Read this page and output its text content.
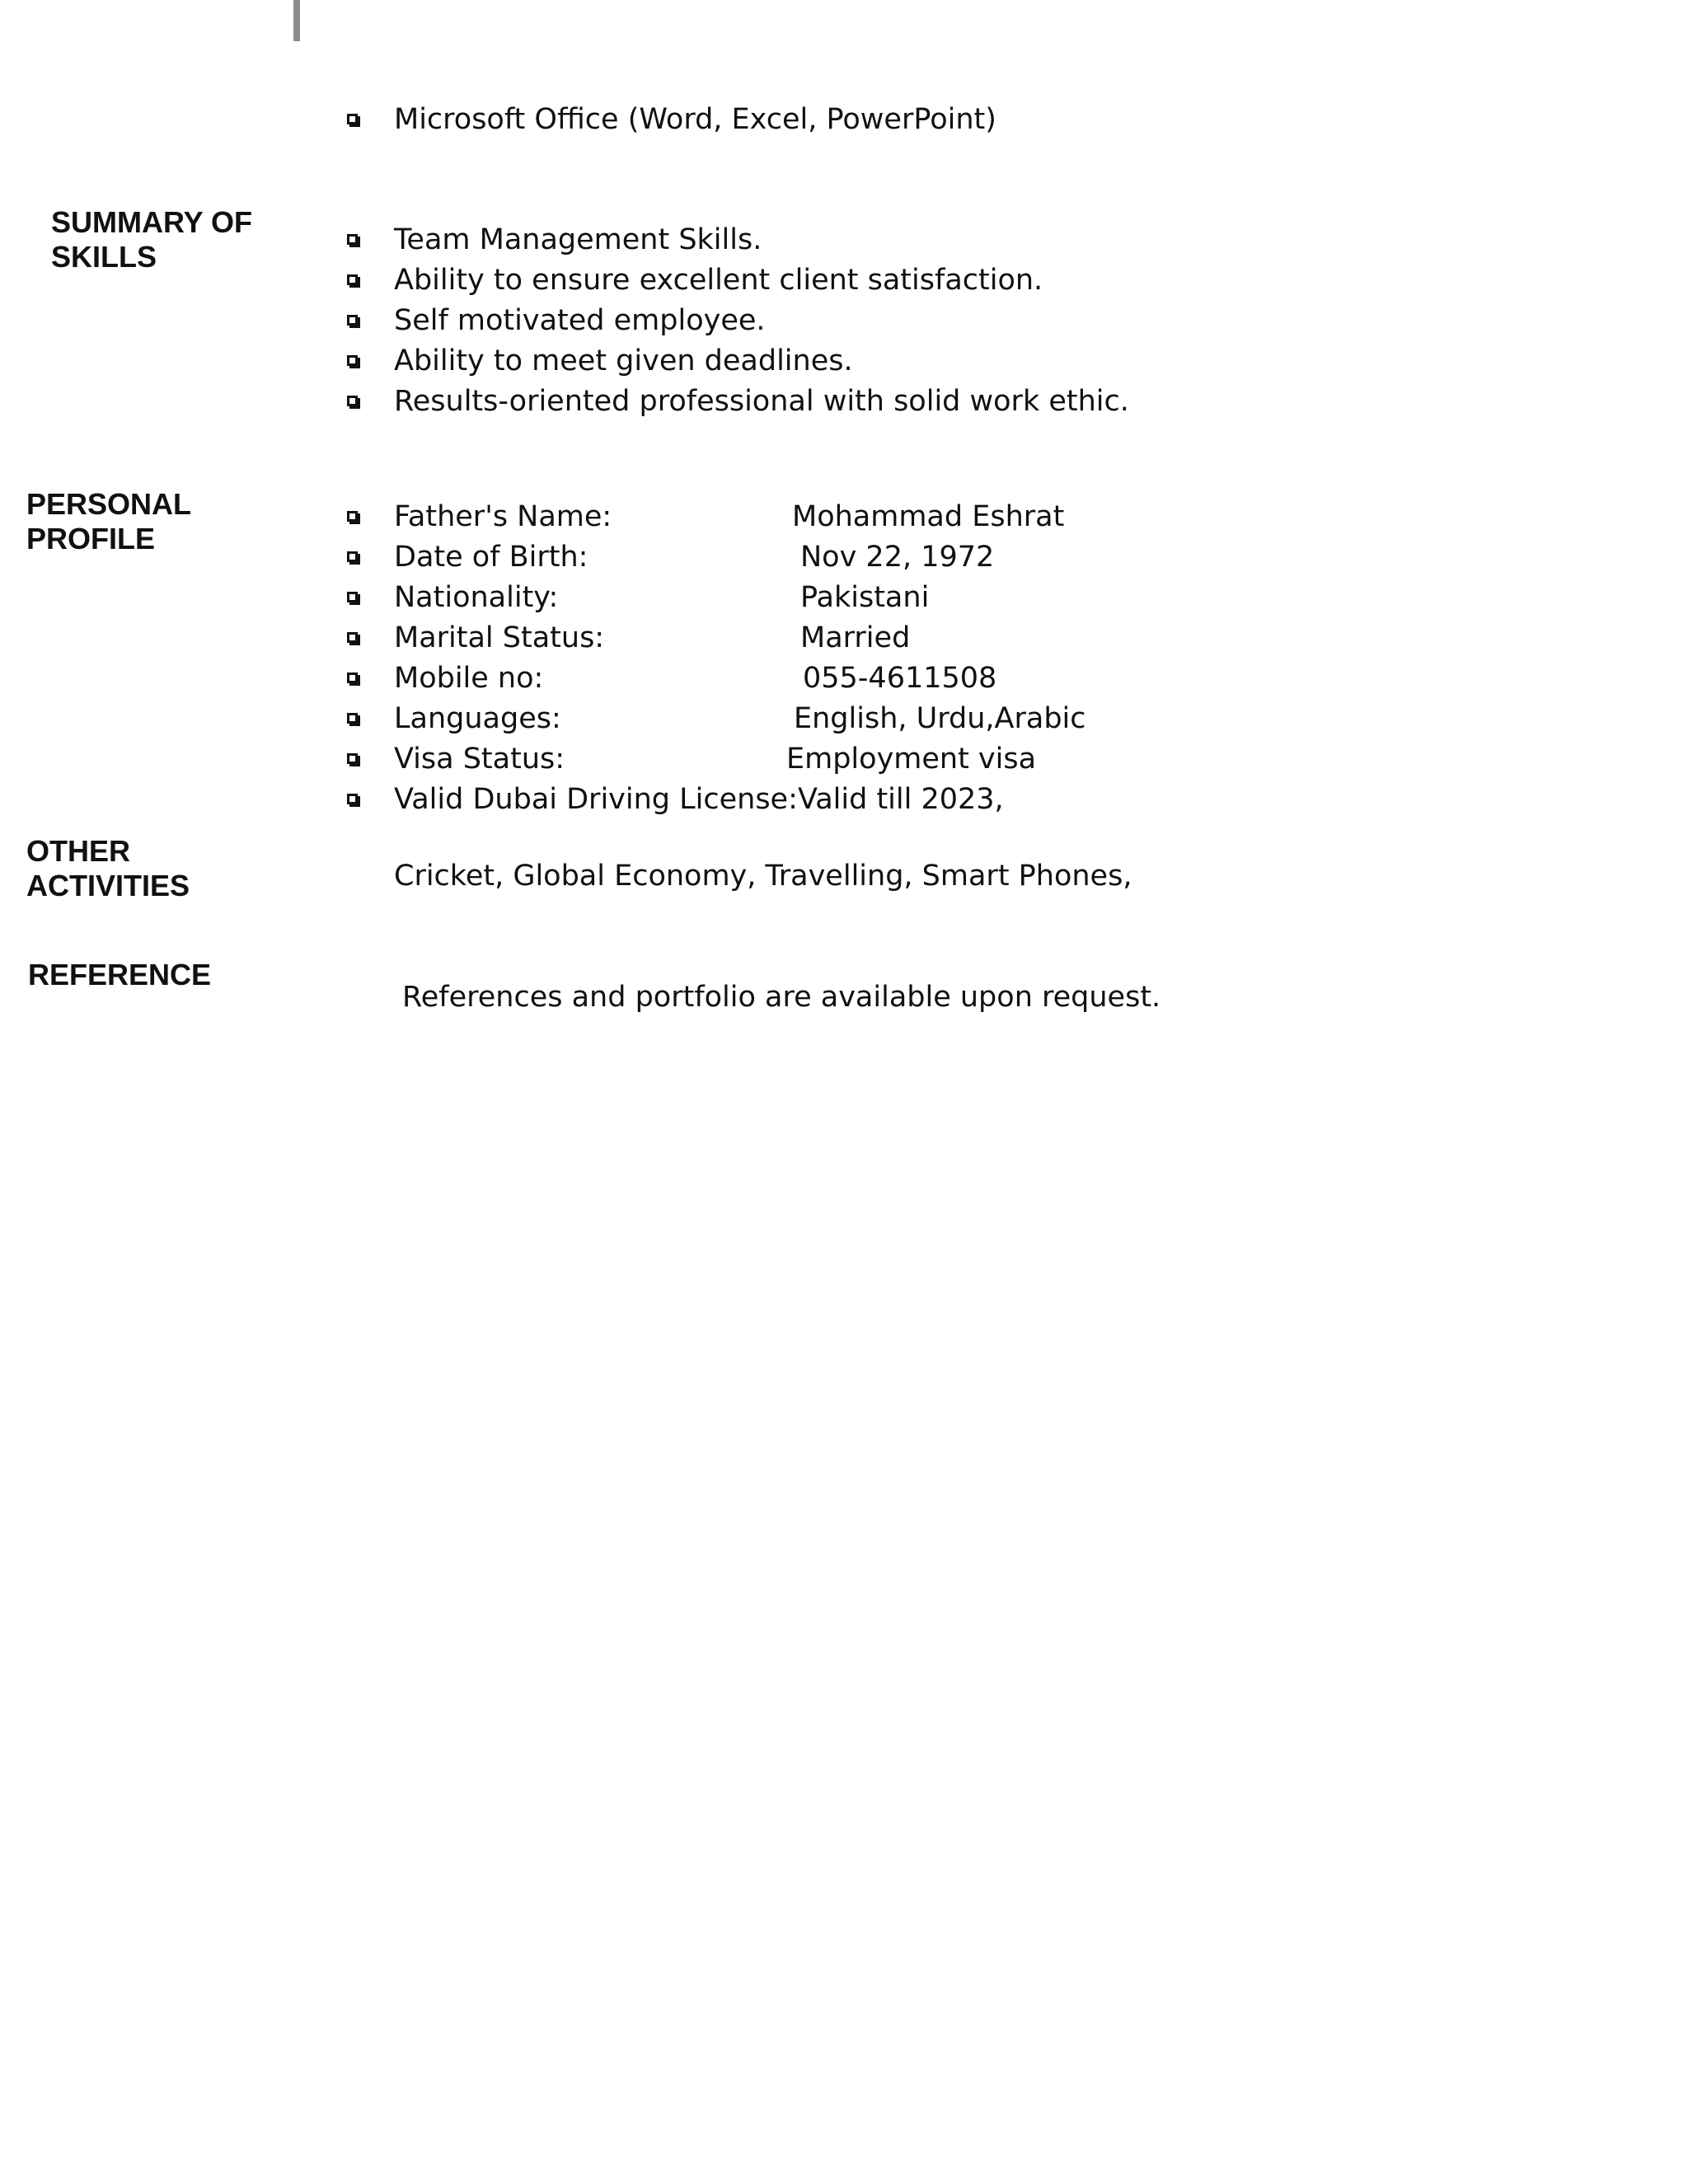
Microsoft Office (Word, Excel, PowerPoint)
SUMMARY OF
SKILLS	Team Management Skills.
Ability to ensure excellent client satisfaction.
Self motivated employee.
Ability to meet given deadlines.
Results-oriented professional with solid work ethic.
PERSONAL
PROFILE
Father's Name:	Mohammad Eshrat
Date of Birth:	Nov 22, 1972
Nationality:	Pakistani
Marital Status:	Married
Mobile no:	055-4611508
Languages:	English, Urdu,Arabic
Visa Status:	Employment visa
Valid Dubai Driving License: Valid till 2023,
OTHER
ACTIVITIES	Cricket, Global Economy, Travelling, Smart Phones,
REFERENCE
References and portfolio are available upon request.
